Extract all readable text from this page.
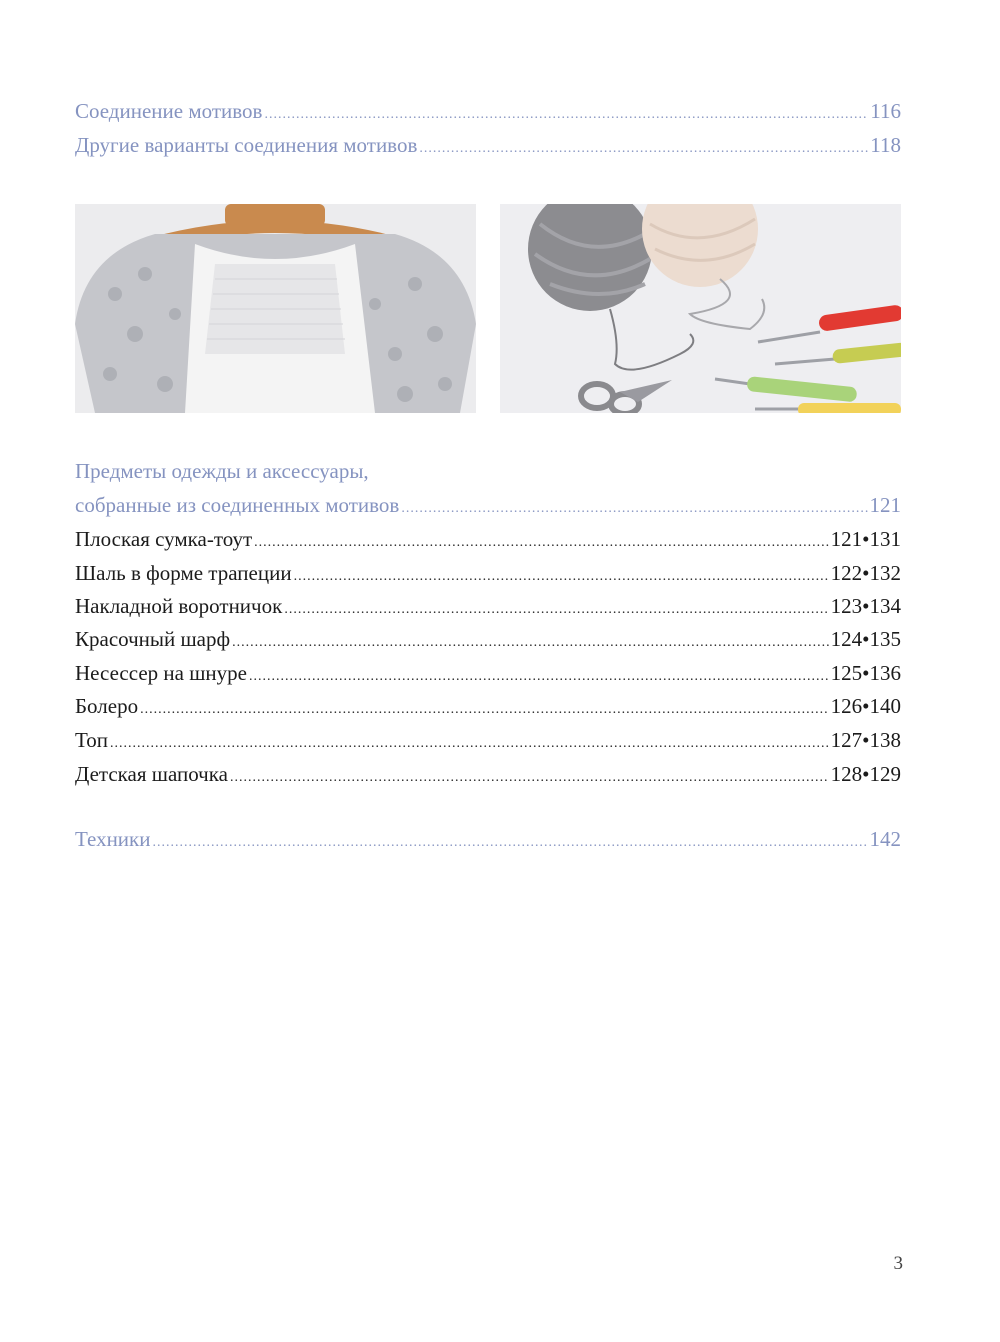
Соединение мотивов .....	116
Другие варианты соединения мотивов .....	118
Предметы одежды и аксессуары,
собранные из соединенных мотивов .....	121
Плоская сумка-тоут .....	121•131
Шаль в форме трапеции .....	122•132
Накладной воротничок .....	123•134
Красочный шарф .....	124•135
Несессер на шнуре .....	125•136
Болеро .....	126•140
Топ .....	127•138
Детская шапочка .....	128•129
Техники .....	142
3
